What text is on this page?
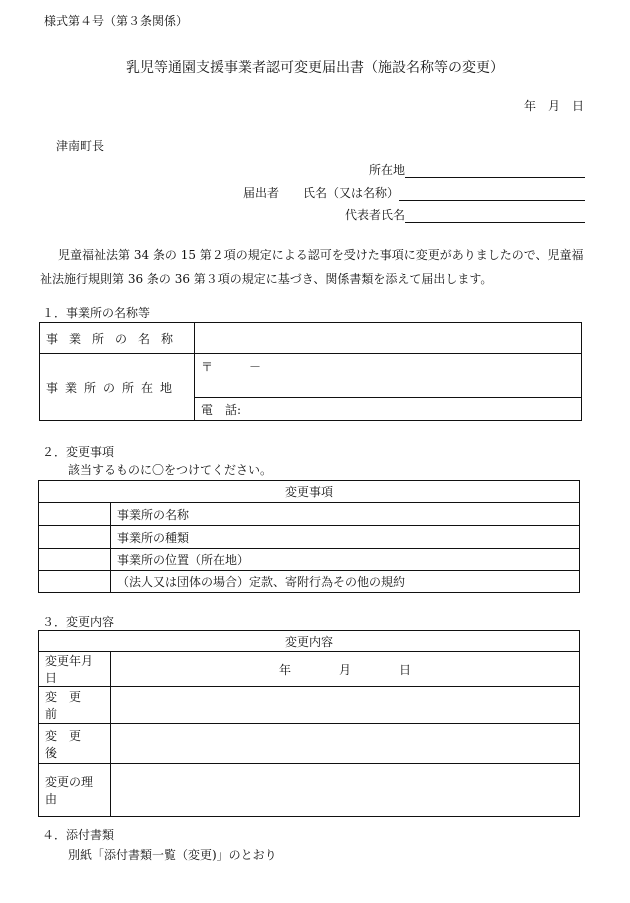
様式第４号（第３条関係）
乳児等通園支援事業者認可変更届出書（施設名称等の変更）
年　月　日
津南町長
所在地
届出者 氏名（又は名称）
代表者氏名
児童福祉法第 34 条の 15 第２項の規定による認可を受けた事項に変更がありましたので、児童福祉法施行規則第 36 条の 36 第３項の規定に基づき、関係書類を添えて届出します。
１．事業所の名称等
事業所の名称	
事業所の所在地	〒　　　－
	電　話:
２．変更事項
該当するものに〇をつけてください。
変更事項	
	事業所の名称
	事業所の種類
	事業所の位置（所在地）
	（法人又は団体の場合）定款、寄附行為その他の規約
３．変更内容
変更内容	
変更年月日	年　　　　月　　　　日
変　更　前	
変　更　後	
変更の理由	
４．添付書類
別紙「添付書類一覧（変更)」のとおり
